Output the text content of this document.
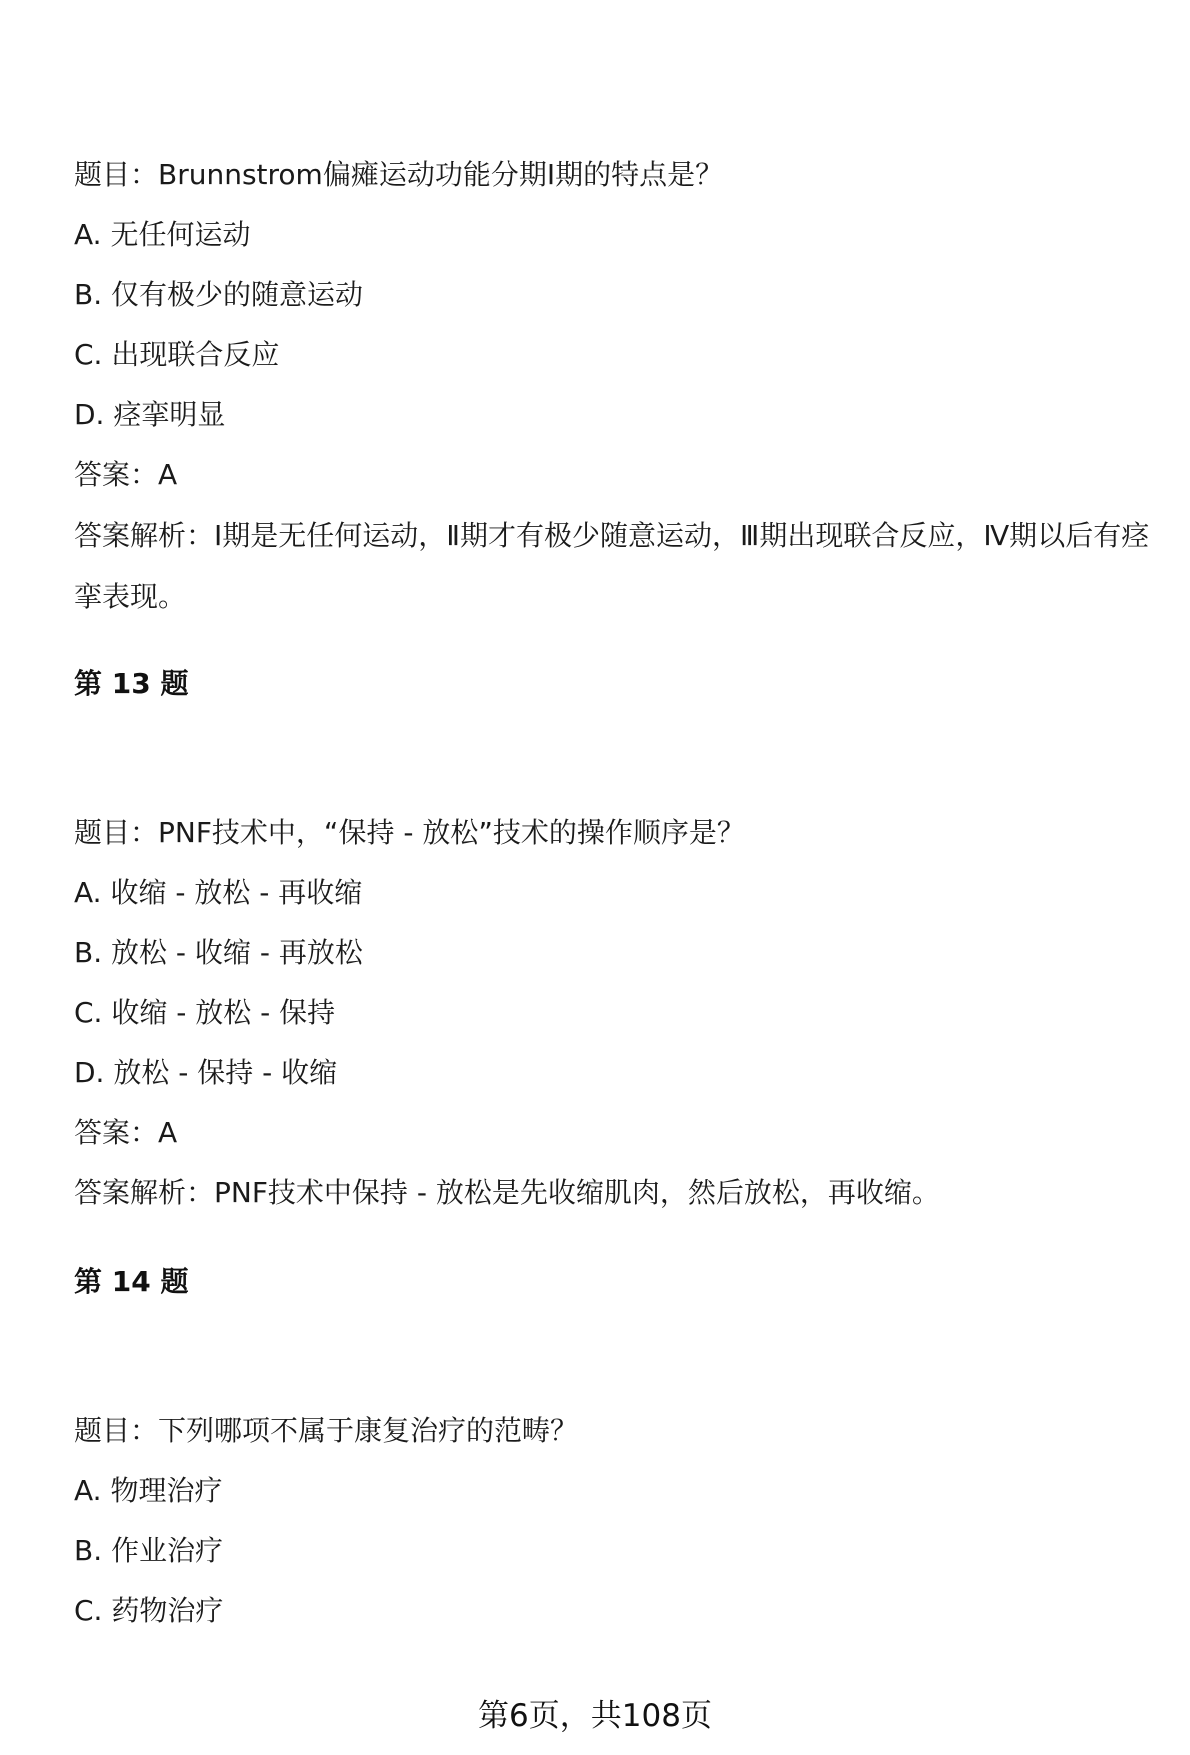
题目：Brunnstrom偏瘫运动功能分期Ⅰ期的特点是？
A. 无任何运动
B. 仅有极少的随意运动
C. 出现联合反应
D. 痉挛明显
答案：A
答案解析：Ⅰ期是无任何运动，Ⅱ期才有极少随意运动，Ⅲ期出现联合反应，Ⅳ期以后有痉挛表现。
第 13 题
题目：PNF技术中，“保持 - 放松”技术的操作顺序是？
A. 收缩 - 放松 - 再收缩
B. 放松 - 收缩 - 再放松
C. 收缩 - 放松 - 保持
D. 放松 - 保持 - 收缩
答案：A
答案解析：PNF技术中保持 - 放松是先收缩肌肉，然后放松，再收缩。
第 14 题
题目：下列哪项不属于康复治疗的范畴？
A. 物理治疗
B. 作业治疗
C. 药物治疗
第6页，共108页
